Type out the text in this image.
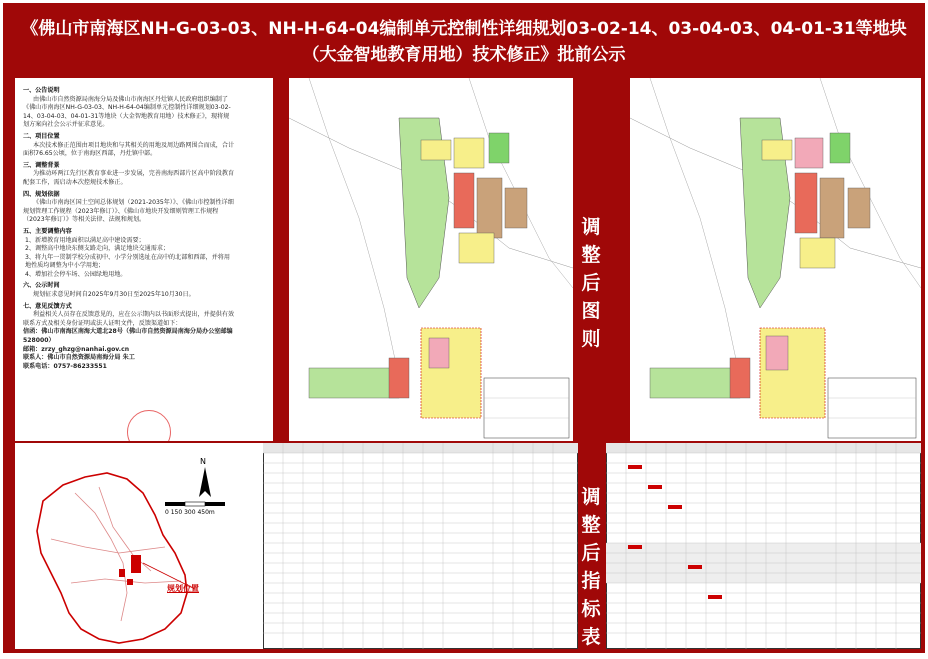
《佛山市南海区NH-G-03-03、NH-H-64-04编制单元控制性详细规划03-02-14、03-04-03、04-01-31等地块
（大金智地教育用地）技术修正》批前公示
一、公告说明
由佛山市自然资源局南海分局及佛山市南海区丹灶镇人民政府组织编制了《佛山市南海区NH-G-03-03、NH-H-64-04编制单元控制性详细规划03-02-14、03-04-03、04-01-31等地块（大金智地教育用地）技术修正》，现将规划方案向社会公示并征求意见。
二、项目位置
本次技术修正范围由项目地块和与其相关的用地及周边路网围合而成，合计面积76.65公顷，位于南海区西部，丹灶镇中部。
三、调整背景
为推动环两江先行区教育事业进一步发展，完善南海西部片区高中阶段教育配套工作，需启动本次控规技术修正。
四、规划依据
《佛山市南海区国土空间总体规划（2021-2035年）》、《佛山市控制性详细规划管理工作规程（2023年修订）》、《佛山市地块开发细则管理工作规程（2023年修订）》等相关法律、法规和规划。
五、主要调整内容
1、新增教育用地面积以满足高中建设需要；
2、调整高中地块东侧支路走向，满足地块交通需求；
3、将九年一贯制学校分成初中、小学分别选址在高中的北部和西部，并将用地性质均调整为中小学用地；
4、增加社会停车场、公园绿地用地。
六、公示时间
规划征求意见时间自2025年9月30日至2025年10月30日。
七、意见反馈方式
利益相关人员存在反馈意见的，应在公示期内以书面形式提出，并提供有效联系方式及相关身份证明或法人证明文件，反馈渠道如下：
信函：佛山市南海区南海大道北28号（佛山市自然资源局南海分局办公室邮编528000）
邮箱：zrzy_ghzg@nanhai.gov.cn
联系人：佛山市自然资源局南海分局 朱工
联系电话：0757-86233551
N
0 150 300 450m
规划位置
调
整
前
图
则
调
整
后
图
则
调
整
前
指
标
表
调
整
后
指
标
表
